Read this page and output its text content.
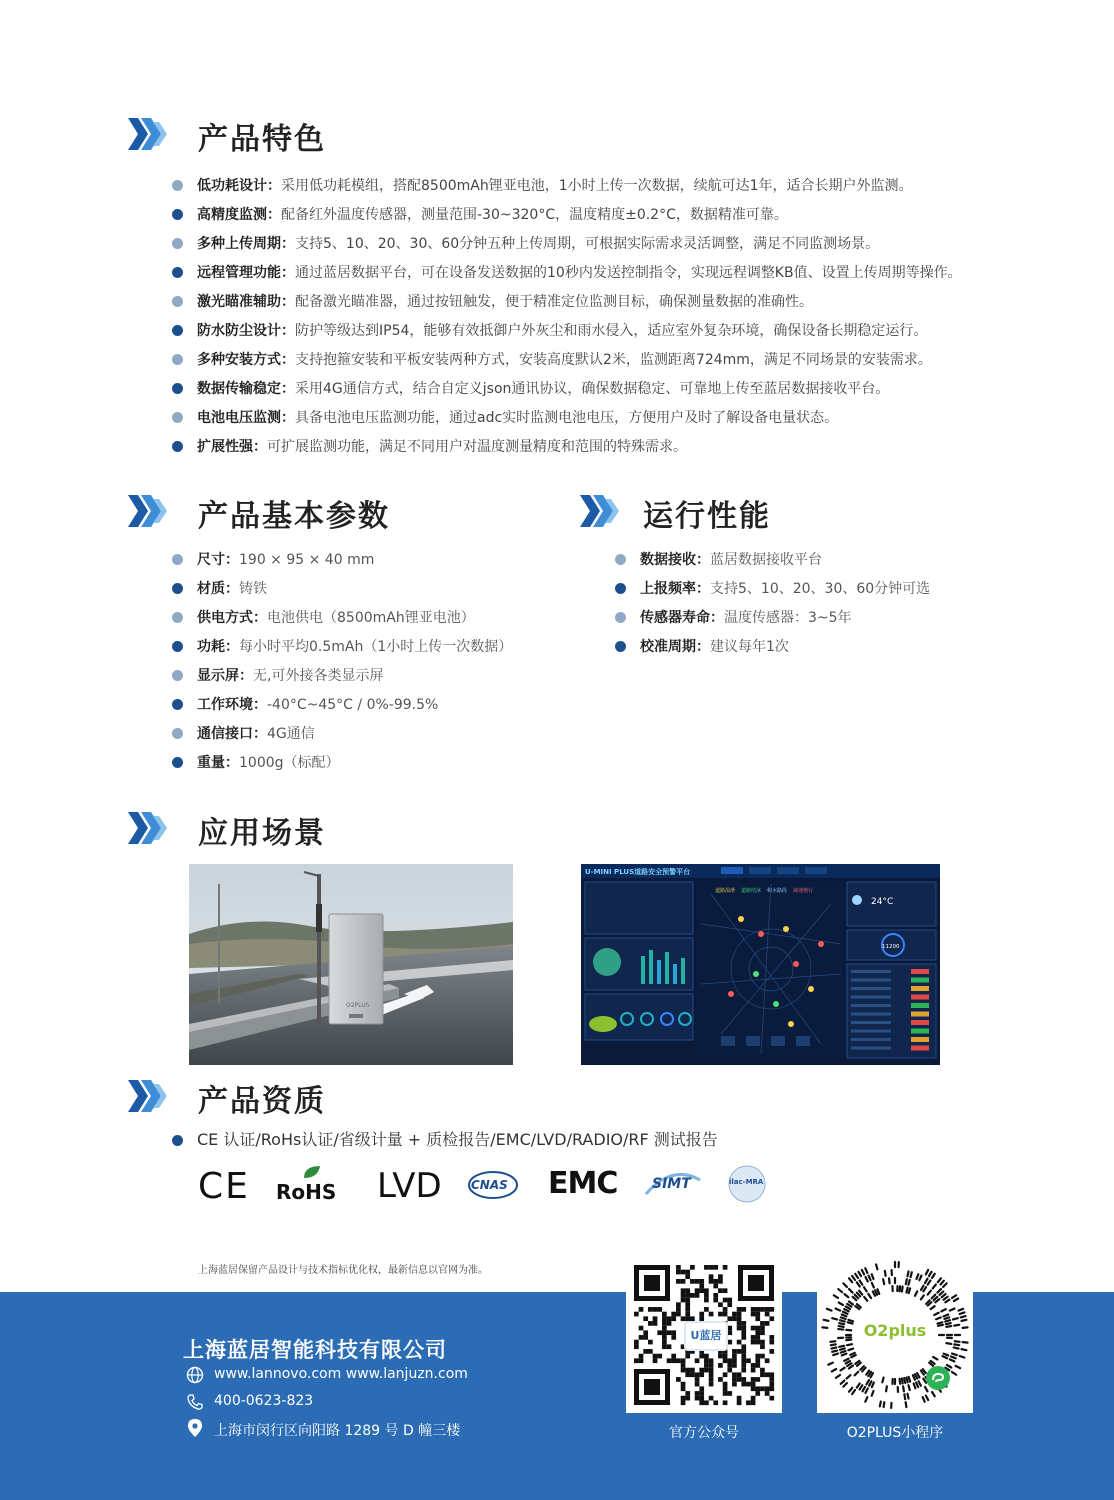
产品特色
低功耗设计：采用低功耗模组，搭配8500mAh锂亚电池，1小时上传一次数据，续航可达1年，适合长期户外监测。
高精度监测：配备红外温度传感器，测量范围-30~320°C，温度精度±0.2°C，数据精准可靠。
多种上传周期：支持5、10、20、30、60分钟五种上传周期，可根据实际需求灵活调整，满足不同监测场景。
远程管理功能：通过蓝居数据平台，可在设备发送数据的10秒内发送控制指令，实现远程调整KB值、设置上传周期等操作。
激光瞄准辅助：配备激光瞄准器，通过按钮触发，便于精准定位监测目标，确保测量数据的准确性。
防水防尘设计：防护等级达到IP54，能够有效抵御户外灰尘和雨水侵入，适应室外复杂环境，确保设备长期稳定运行。
多种安装方式：支持抱箍安装和平板安装两种方式，安装高度默认2米，监测距离724mm，满足不同场景的安装需求。
数据传输稳定：采用4G通信方式，结合自定义json通讯协议，确保数据稳定、可靠地上传至蓝居数据接收平台。
电池电压监测：具备电池电压监测功能，通过adc实时监测电池电压，方便用户及时了解设备电量状态。
扩展性强：可扩展监测功能，满足不同用户对温度测量精度和范围的特殊需求。
产品基本参数
尺寸：190 × 95 × 40 mm
材质：铸铁
供电方式：电池供电（8500mAh锂亚电池）
功耗：每小时平均0.5mAh（1小时上传一次数据）
显示屏：无,可外接各类显示屏
工作环境：-40°C~45°C / 0%-99.5%
通信接口：4G通信
重量：1000g（标配）
运行性能
数据接收：蓝居数据接收平台
上报频率：支持5、10、20、30、60分钟可选
传感器寿命：温度传感器：3~5年
校准周期：建议每年1次
应用场景
O2PLUS
U-MINI PLUS道路安全预警平台
道路湿滑 道路结冰 积水路段 减速慢行
24°C
11200
产品资质
CE 认证/RoHs认证/省级计量 + 质检报告/EMC/LVD/RADIO/RF 测试报告
CE RoHS LVD CNAS EMC SIMT	ilac-MRA
上海蓝居保留产品设计与技术指标优化权，最新信息以官网为准。
上海蓝居智能科技有限公司
www.lannovo.com www.lanjuzn.com
400-0623-823
上海市闵行区向阳路 1289 号 D 幢三楼
U蓝居
官方公众号
O2plus
O2PLUS小程序
